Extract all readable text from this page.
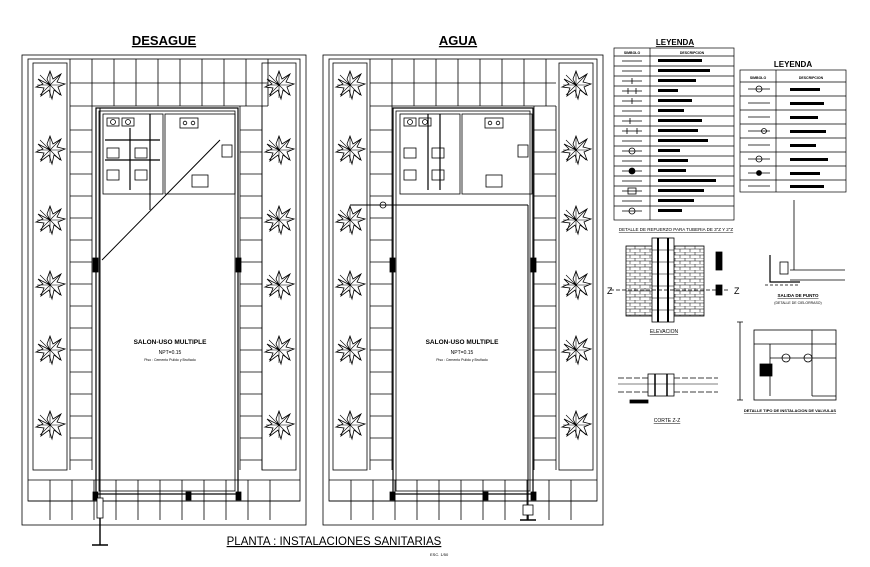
DESAGUE	AGUA
SALON-USO MULTIPLE
NPT=0.15
Piso : Cemento Pulido y Bruñado
SALON-USO MULTIPLE
NPT=0.15
Piso : Cemento Pulido y Bruñado
LEYENDA
SIMBOLO	DESCRIPCION
LEYENDA
SIMBOLO	DESCRIPCION
DETALLE DE REFUERZO PARA TUBERIA DE 3"Z Y 2"Z
Z	Z
ELEVACION
SALIDA DE PUNTO
(DETALLE DE CIELORRASO)
CORTE Z-Z
DETALLE TIPO DE INSTALACION DE VALVULAS
PLANTA : INSTALACIONES SANITARIAS
ESC. 1/50
